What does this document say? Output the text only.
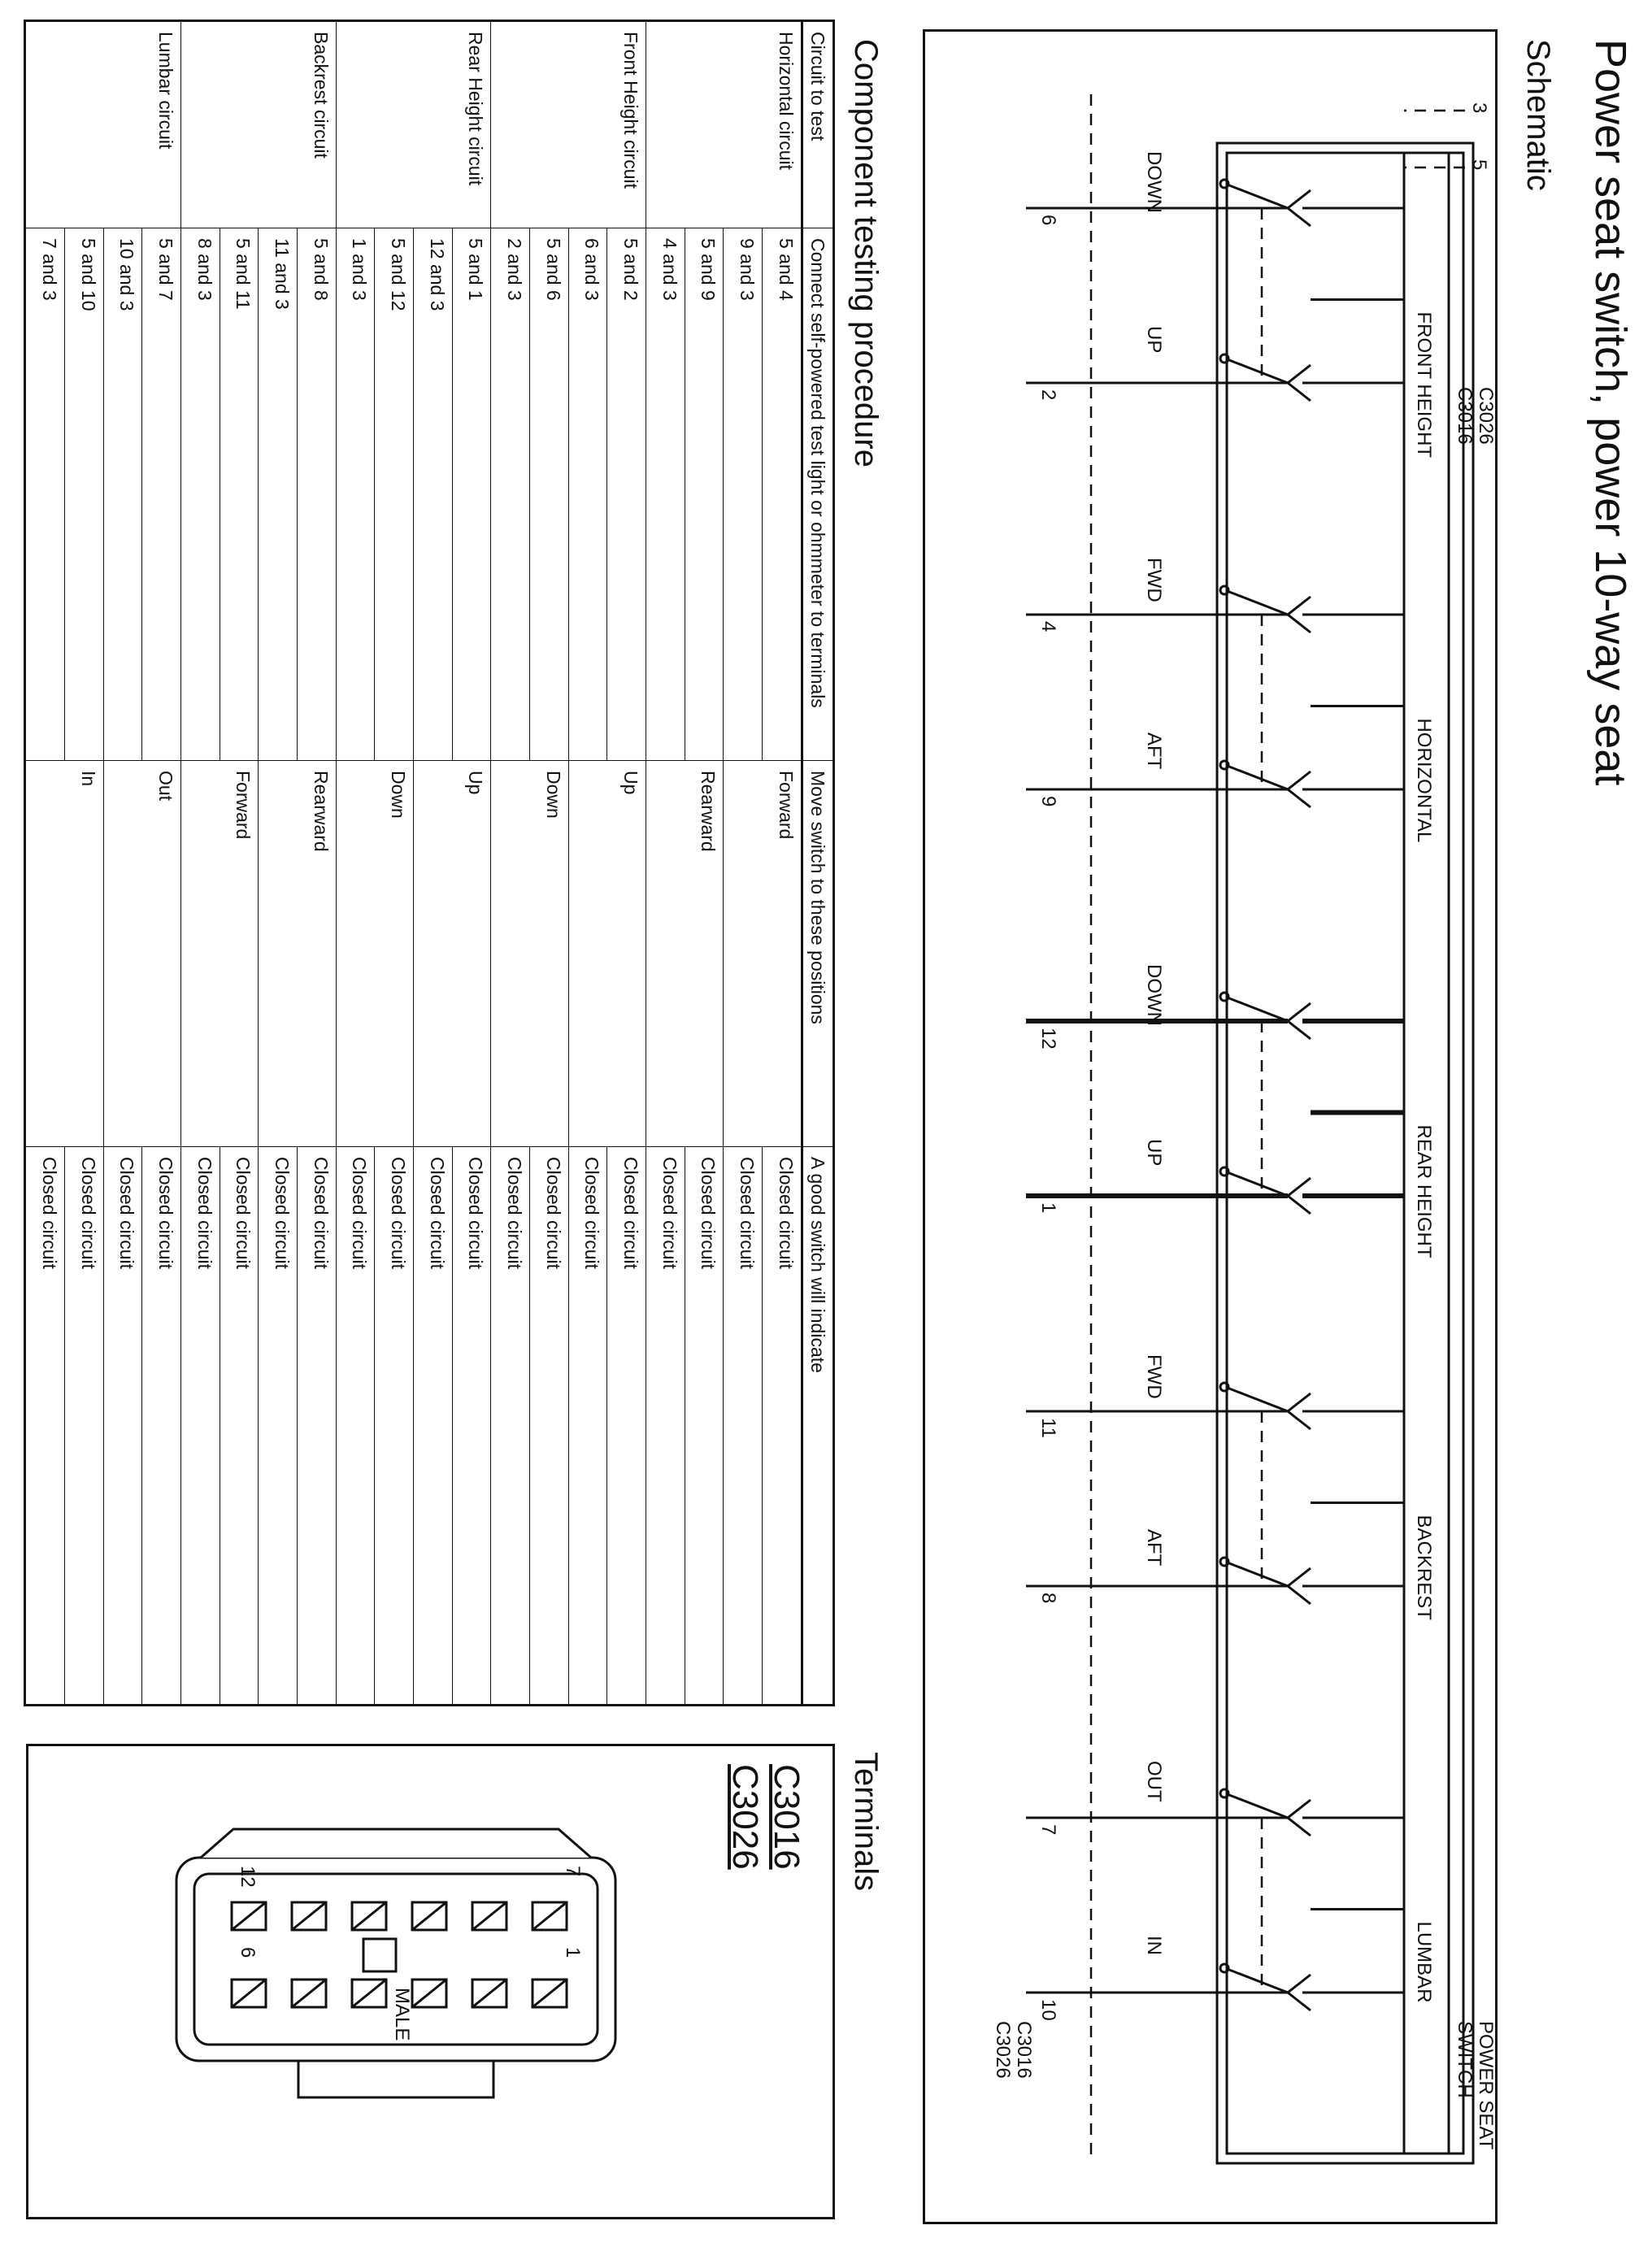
Power seat switch, power 10-way seat
Schematic
FRONT HEIGHT
DOWN
UP
6
2
3
5
HORIZONTAL
FWD
AFT
4
9
REAR HEIGHT
DOWN
UP
12
1
BACKREST
FWD
AFT
11
8
LUMBAR
OUT
IN
7
10
C3026
C3016
POWER SEAT
SWITCH
C3016
C3026
Component testing procedure
Circuit to test	Connect self-powered test light or ohmmeter to terminals	Move switch to these positions	A good switch will indicate
Horizontal circuit	5 and 4	Forward	Closed circuit
	9 and 3		Closed circuit
	5 and 9	Rearward	Closed circuit
	4 and 3		Closed circuit
Front Height circuit	5 and 2	Up	Closed circuit
	6 and 3		Closed circuit
	5 and 6	Down	Closed circuit
	2 and 3		Closed circuit
Rear Height circuit	5 and 1	Up	Closed circuit
	12 and 3		Closed circuit
	5 and 12	Down	Closed circuit
	1 and 3		Closed circuit
Backrest circuit	5 and 8	Rearward	Closed circuit
	11 and 3		Closed circuit
	5 and 11	Forward	Closed circuit
	8 and 3		Closed circuit
Lumbar circuit	5 and 7	Out	Closed circuit
	10 and 3		Closed circuit
	5 and 10	In	Closed circuit
	7 and 3		Closed circuit
Terminals
C3016
C3026
1
6
7
12
MALE
